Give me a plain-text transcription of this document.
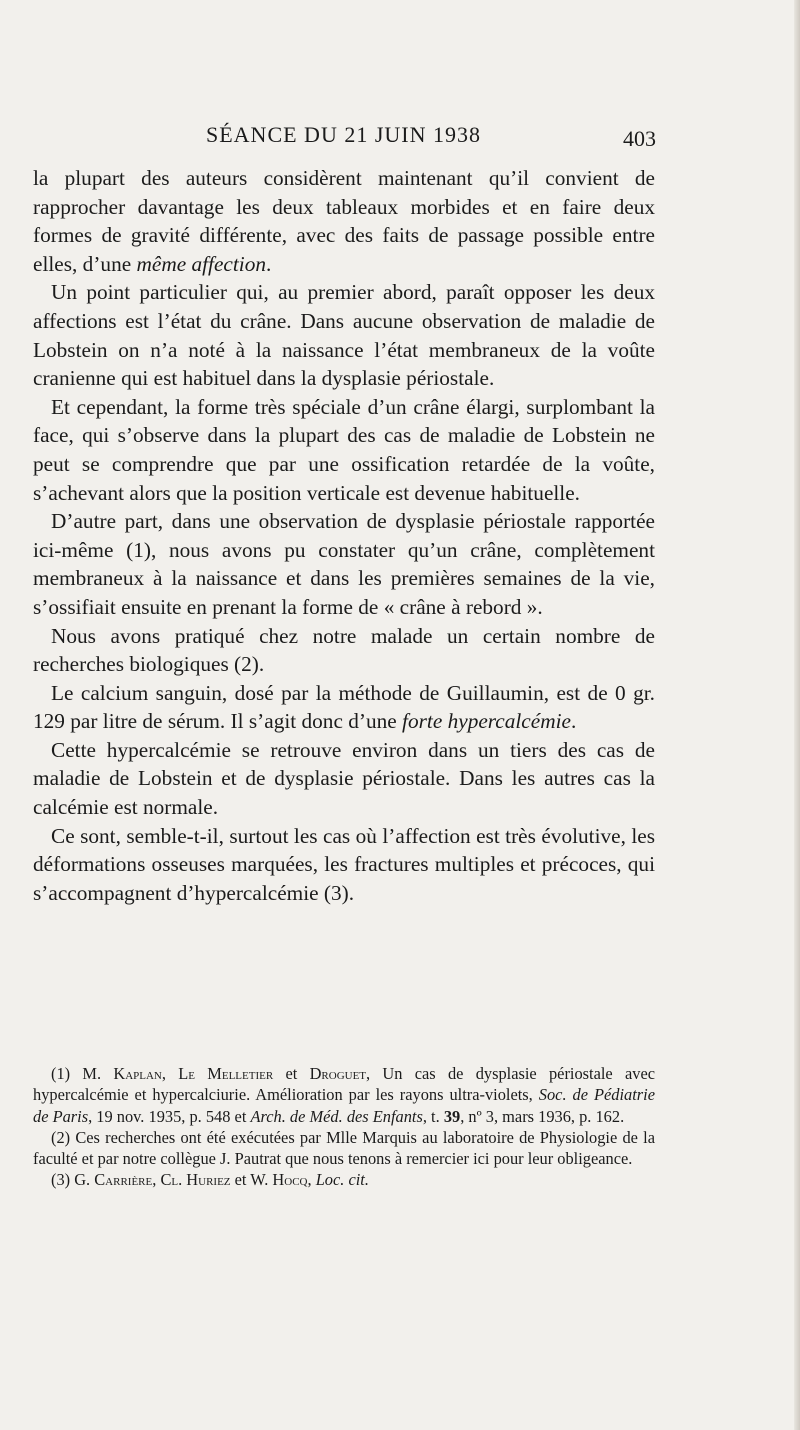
SÉANCE DU 21 JUIN 1938	403

la plupart des auteurs considèrent maintenant qu’il convient de rapprocher davantage les deux tableaux morbides et en faire deux formes de gravité différente, avec des faits de passage possible entre elles, d’une même affection.

Un point particulier qui, au premier abord, paraît opposer les deux affections est l’état du crâne. Dans aucune observation de maladie de Lobstein on n’a noté à la naissance l’état membraneux de la voûte cranienne qui est habituel dans la dysplasie périostale.

Et cependant, la forme très spéciale d’un crâne élargi, surplombant la face, qui s’observe dans la plupart des cas de maladie de Lobstein ne peut se comprendre que par une ossification retardée de la voûte, s’achevant alors que la position verticale est devenue habituelle.

D’autre part, dans une observation de dysplasie périostale rapportée ici-même (1), nous avons pu constater qu’un crâne, complètement membraneux à la naissance et dans les premières semaines de la vie, s’ossifiait ensuite en prenant la forme de « crâne à rebord ».

Nous avons pratiqué chez notre malade un certain nombre de recherches biologiques (2).

Le calcium sanguin, dosé par la méthode de Guillaumin, est de 0 gr. 129 par litre de sérum. Il s’agit donc d’une forte hypercalcémie.

Cette hypercalcémie se retrouve environ dans un tiers des cas de maladie de Lobstein et de dysplasie périostale. Dans les autres cas la calcémie est normale.

Ce sont, semble-t-il, surtout les cas où l’affection est très évolutive, les déformations osseuses marquées, les fractures multiples et précoces, qui s’accompagnent d’hypercalcémie (3).

(1) M. Kaplan, Le Melletier et Droguet, Un cas de dysplasie périostale avec hypercalcémie et hypercalciurie. Amélioration par les rayons ultra-violets, Soc. de Pédiatrie de Paris, 19 nov. 1935, p. 548 et Arch. de Méd. des Enfants, t. 39, nº 3, mars 1936, p. 162.

(2) Ces recherches ont été exécutées par Mlle Marquis au laboratoire de Physiologie de la faculté et par notre collègue J. Pautrat que nous tenons à remercier ici pour leur obligeance.

(3) G. Carrière, Cl. Huriez et W. Hocq, Loc. cit.
